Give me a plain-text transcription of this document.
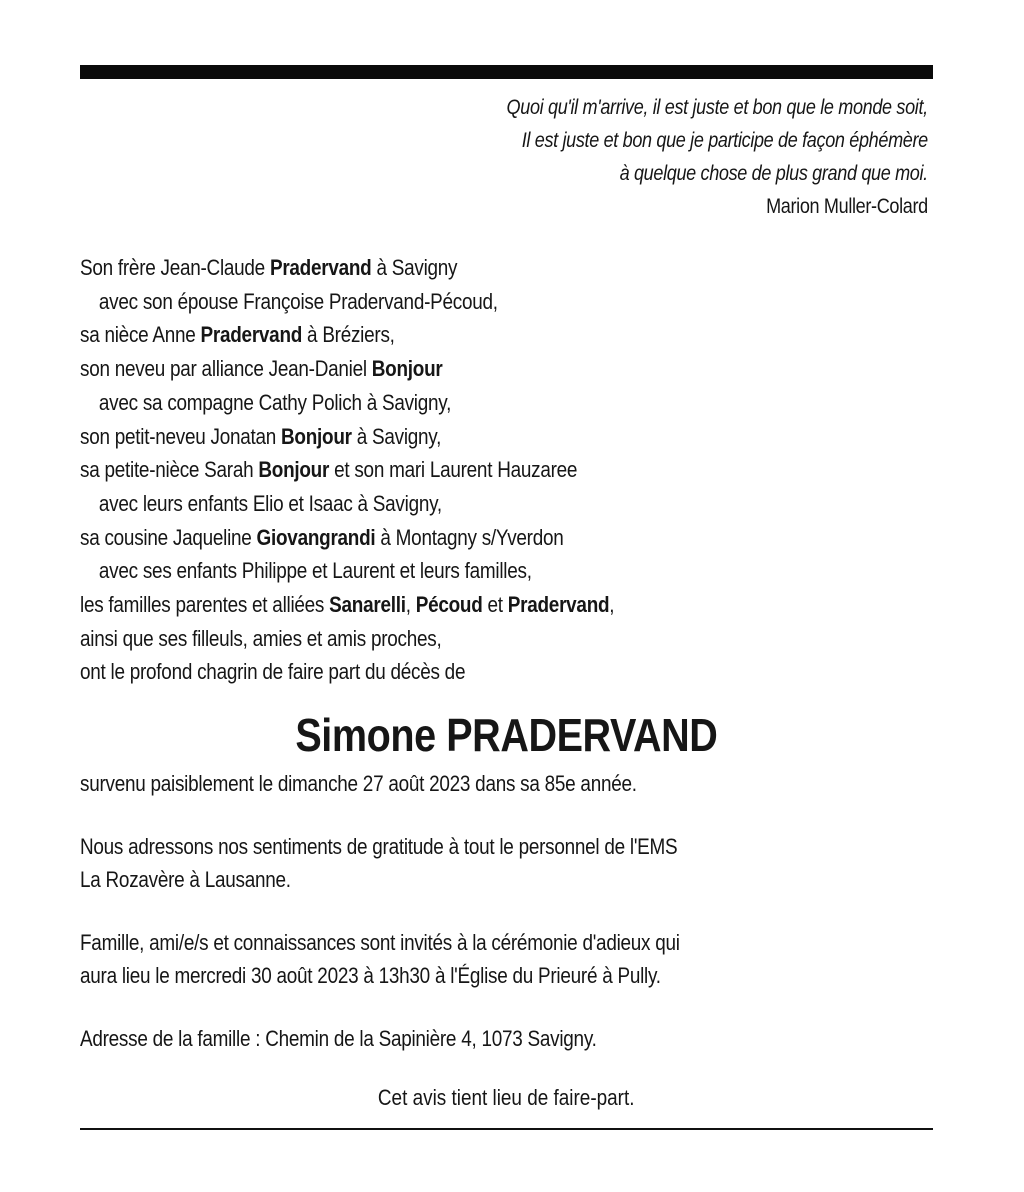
Quoi qu'il m'arrive, il est juste et bon que le monde soit,
Il est juste et bon que je participe de façon éphémère
à quelque chose de plus grand que moi.
Marion Muller-Colard
Son frère Jean-Claude Pradervand à Savigny
avec son épouse Françoise Pradervand-Pécoud,
sa nièce Anne Pradervand à Bréziers,
son neveu par alliance Jean-Daniel Bonjour
avec sa compagne Cathy Polich à Savigny,
son petit-neveu Jonatan Bonjour à Savigny,
sa petite-nièce Sarah Bonjour et son mari Laurent Hauzaree
avec leurs enfants Elio et Isaac à Savigny,
sa cousine Jaqueline Giovangrandi à Montagny s/Yverdon
avec ses enfants Philippe et Laurent et leurs familles,
les familles parentes et alliées Sanarelli, Pécoud et Pradervand,
ainsi que ses filleuls, amies et amis proches,
ont le profond chagrin de faire part du décès de
Simone PRADERVAND
survenu paisiblement le dimanche 27 août 2023 dans sa 85e année.
Nous adressons nos sentiments de gratitude à tout le personnel de l'EMS
La Rozavère à Lausanne.
Famille, ami/e/s et connaissances sont invités à la cérémonie d'adieux qui
aura lieu le mercredi 30 août 2023 à 13h30 à l'Église du Prieuré à Pully.
Adresse de la famille : Chemin de la Sapinière 4, 1073 Savigny.
Cet avis tient lieu de faire-part.
